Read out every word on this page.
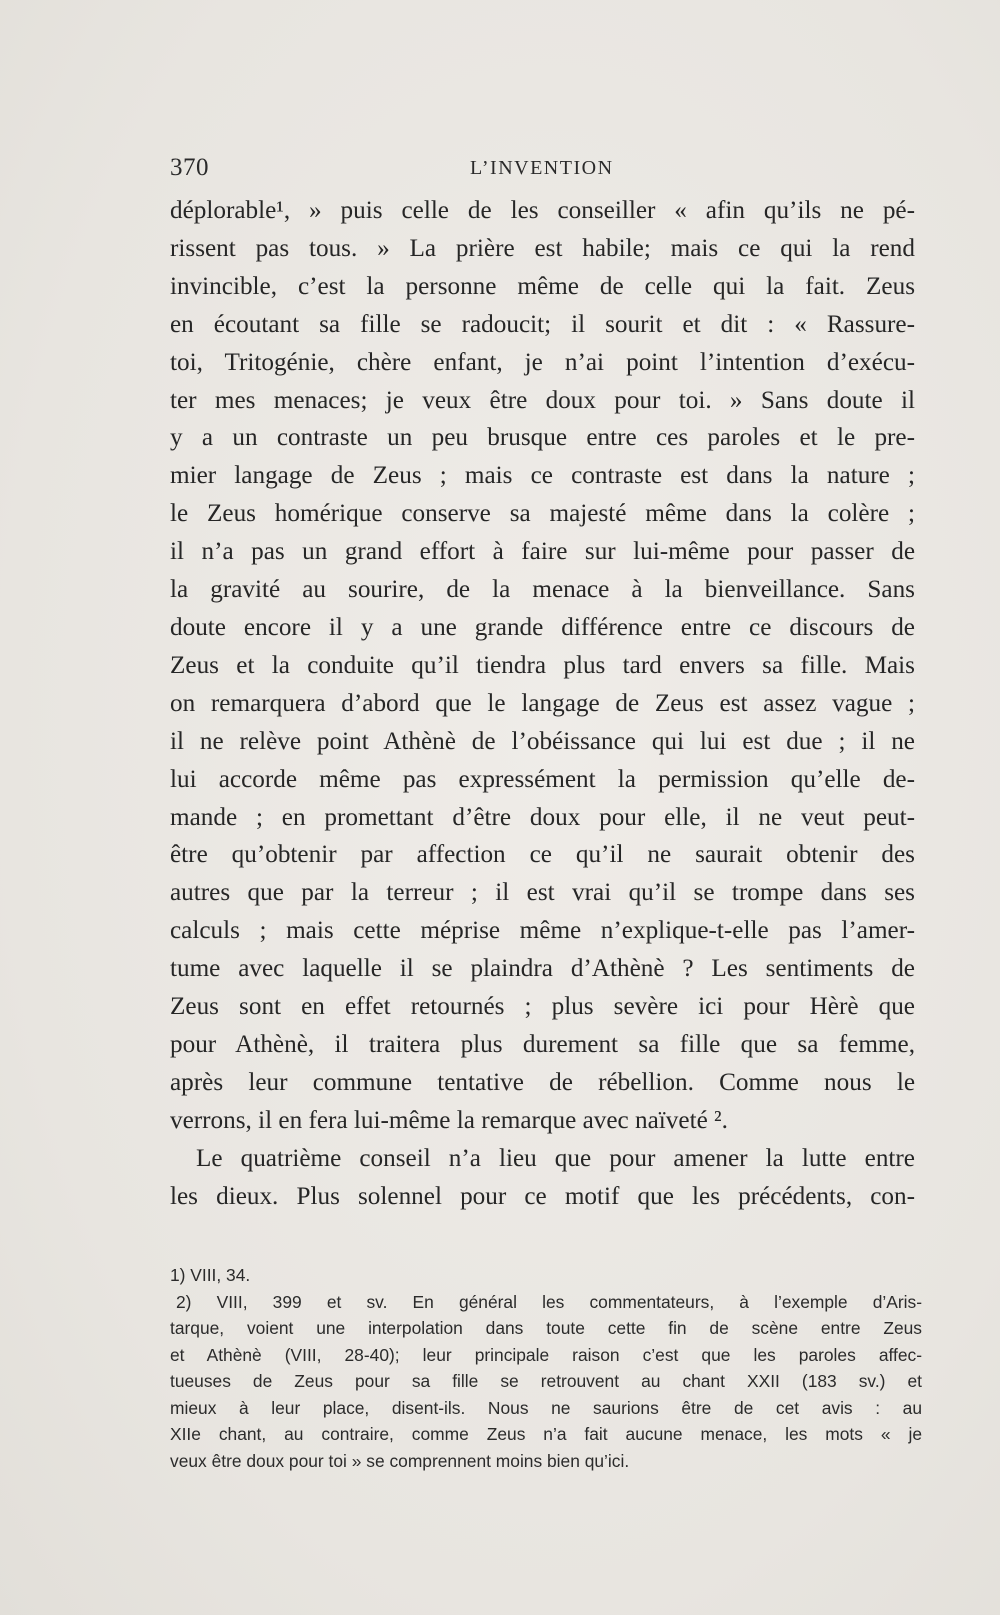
370	L’INVENTION
déplorable¹, » puis celle de les conseiller « afin qu’ils ne pé-
rissent pas tous. » La prière est habile; mais ce qui la rend
invincible, c’est la personne même de celle qui la fait. Zeus
en écoutant sa fille se radoucit; il sourit et dit : « Rassure-
toi, Tritogénie, chère enfant, je n’ai point l’intention d’exécu-
ter mes menaces; je veux être doux pour toi. » Sans doute il
y a un contraste un peu brusque entre ces paroles et le pre-
mier langage de Zeus ; mais ce contraste est dans la nature ;
le Zeus homérique conserve sa majesté même dans la colère ;
il n’a pas un grand effort à faire sur lui-même pour passer de
la gravité au sourire, de la menace à la bienveillance. Sans
doute encore il y a une grande différence entre ce discours de
Zeus et la conduite qu’il tiendra plus tard envers sa fille. Mais
on remarquera d’abord que le langage de Zeus est assez vague ;
il ne relève point Athènè de l’obéissance qui lui est due ; il ne
lui accorde même pas expressément la permission qu’elle de-
mande ; en promettant d’être doux pour elle, il ne veut peut-
être qu’obtenir par affection ce qu’il ne saurait obtenir des
autres que par la terreur ; il est vrai qu’il se trompe dans ses
calculs ; mais cette méprise même n’explique-t-elle pas l’amer-
tume avec laquelle il se plaindra d’Athènè ? Les sentiments de
Zeus sont en effet retournés ; plus sevère ici pour Hèrè que
pour Athènè, il traitera plus durement sa fille que sa femme,
après leur commune tentative de rébellion. Comme nous le
verrons, il en fera lui-même la remarque avec naïveté ².
Le quatrième conseil n’a lieu que pour amener la lutte entre
les dieux. Plus solennel pour ce motif que les précédents, con-
1) VIII, 34.
2) VIII, 399 et sv. En général les commentateurs, à l’exemple d’Aris-
tarque, voient une interpolation dans toute cette fin de scène entre Zeus
et Athènè (VIII, 28-40); leur principale raison c’est que les paroles affec-
tueuses de Zeus pour sa fille se retrouvent au chant XXII (183 sv.) et
mieux à leur place, disent-ils. Nous ne saurions être de cet avis : au
XIIe chant, au contraire, comme Zeus n’a fait aucune menace, les mots « je
veux être doux pour toi » se comprennent moins bien qu’ici.
